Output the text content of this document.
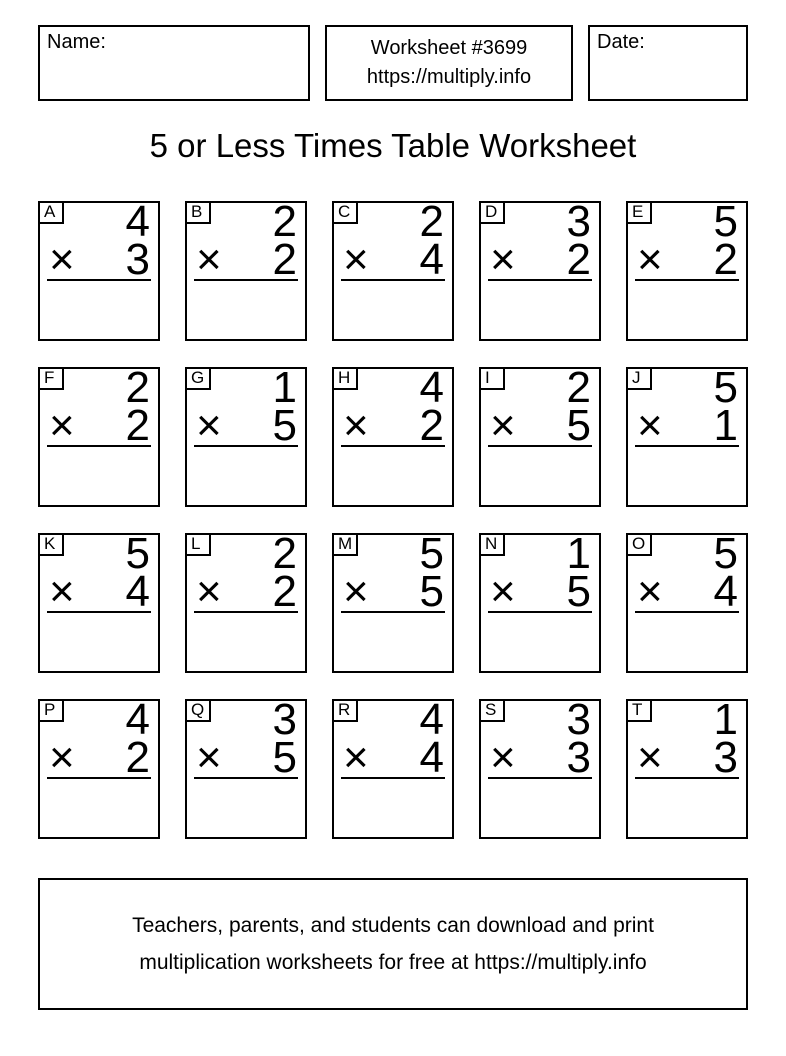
Name:	Worksheet #3699
https://multiply.info
Date:
5 or Less Times Table Worksheet
A 4
× 3
B 2
× 2
C 2
× 4
D 3
× 2
E 5
× 2
F 2
× 2
G 1
× 5
H 4
× 2
I	2
× 5
J 5
× 1
K 5
× 4
L 2
× 2
M 5
× 5
N 1
× 5
O 5
× 4
P 4
× 2
Q 3
× 5
R 4
× 4
S 3
× 3
T 1
× 3
Teachers, parents, and students can download and print
multiplication worksheets for free at https://multiply.info
